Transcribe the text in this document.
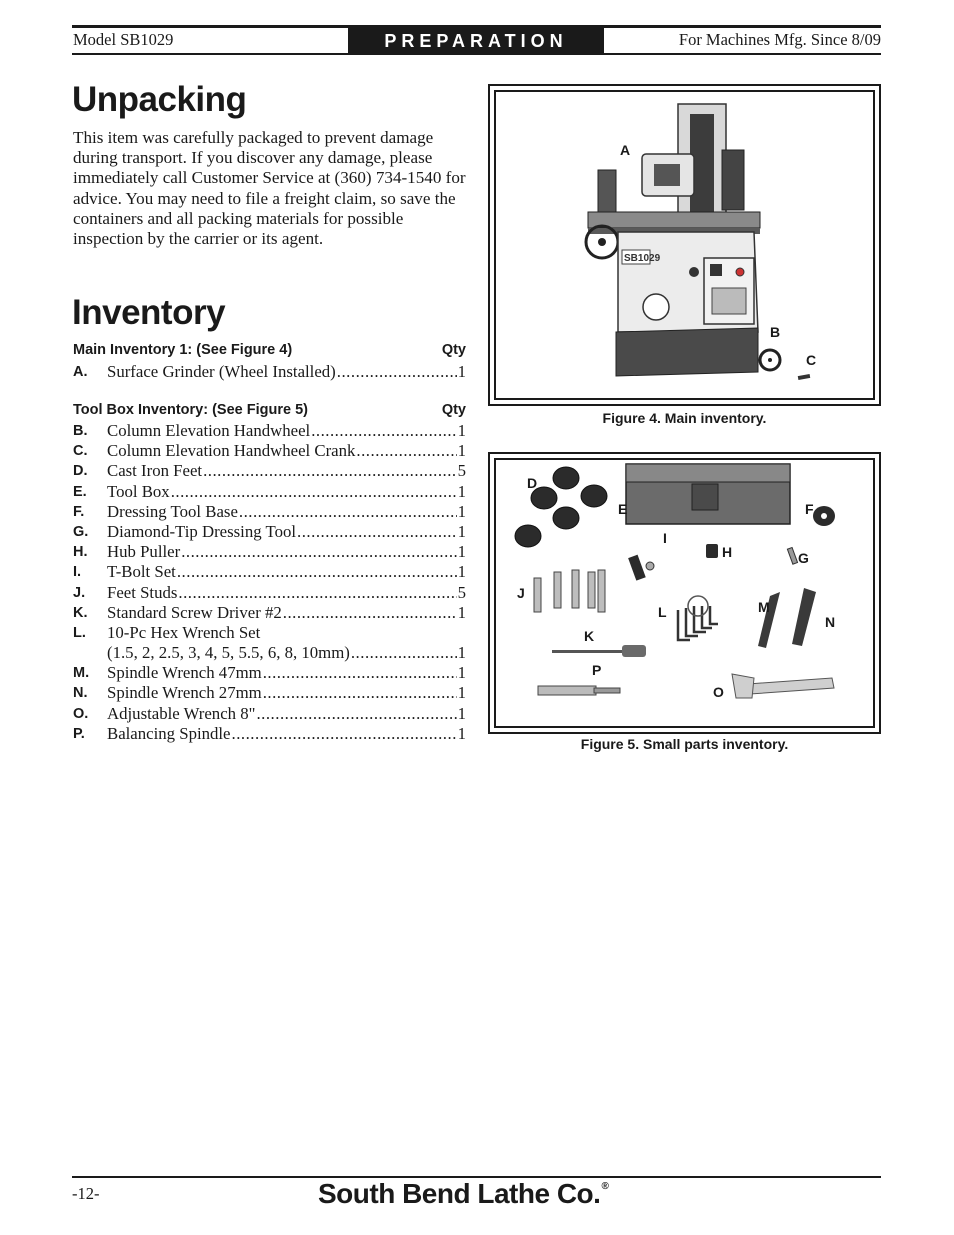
Model SB1029	PREPARATION	For Machines Mfg. Since 8/09
Unpacking

This item was carefully packaged to prevent damage during transport. If you discover any damage, please immediately call Customer Service at (360) 734-1540 for advice. You may need to file a freight claim, so save the containers and all packing materials for possible inspection by the carrier or its agent.

Inventory
Main Inventory 1: (See Figure 4)	Qty
A. Surface Grinder (Wheel Installed) .....	1
Tool Box Inventory: (See Figure 5)	Qty
B. Column Elevation Handwheel .....	1
C. Column Elevation Handwheel Crank .....	1
D. Cast Iron Feet .....	5
E. Tool Box .....	1
F. Dressing Tool Base .....	1
G. Diamond-Tip Dressing Tool .....	1
H. Hub Puller .....	1
I. T-Bolt Set .....	1
J. Feet Studs .....	5
K. Standard Screw Driver #2 .....	1
L. 10-Pc Hex Wrench Set
(1.5, 2, 2.5, 3, 4, 5, 5.5, 6, 8, 10mm) .....	1
M. Spindle Wrench 47mm .....	1
N. Spindle Wrench 27mm .....	1
O. Adjustable Wrench 8" .....	1
P. Balancing Spindle .....	1
SB1029
A
B
C
Figure 4. Main inventory.
D
E	F
I
H	G
J
M
L
N
K
P
O
Figure 5. Small parts inventory.
-12-	South Bend Lathe Co.®
